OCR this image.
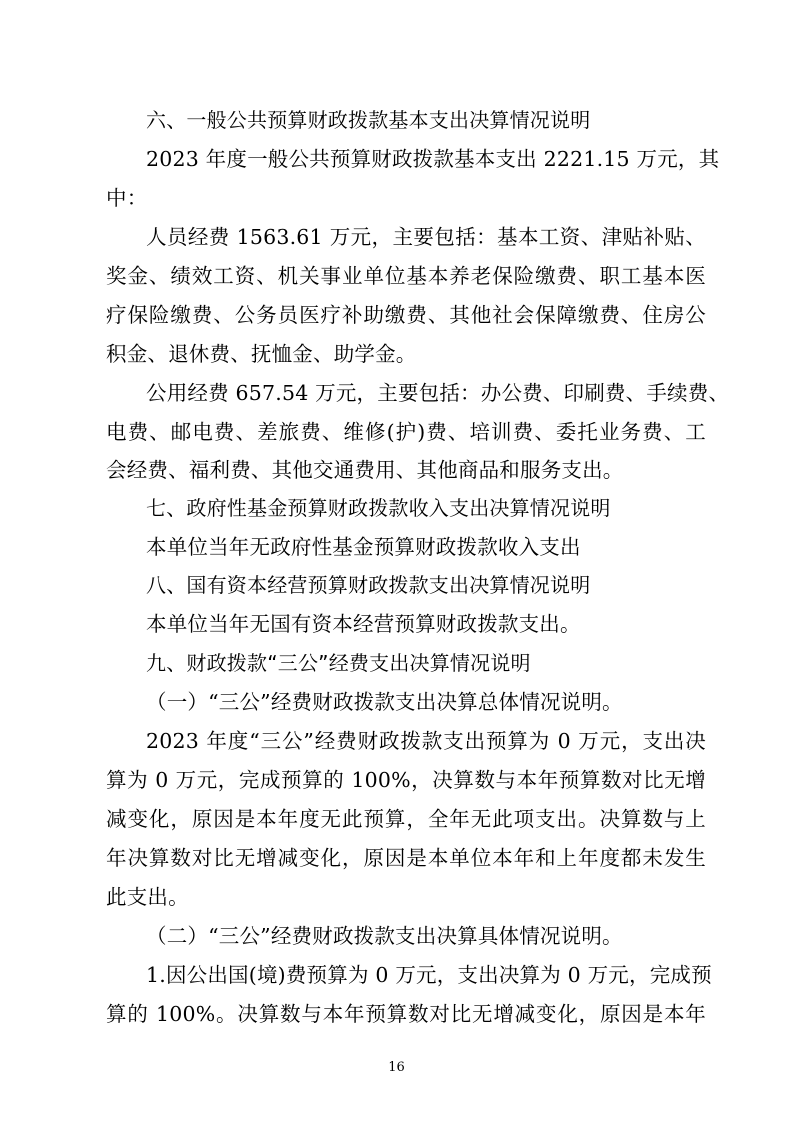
六、一般公共预算财政拨款基本支出决算情况说明
2023 年度一般公共预算财政拨款基本支出 2221.15 万元，其
中：
人员经费 1563.61 万元，主要包括：基本工资、津贴补贴、
奖金、绩效工资、机关事业单位基本养老保险缴费、职工基本医
疗保险缴费、公务员医疗补助缴费、其他社会保障缴费、住房公
积金、退休费、抚恤金、助学金。
公用经费 657.54 万元，主要包括：办公费、印刷费、手续费、
电费、邮电费、差旅费、维修(护)费、培训费、委托业务费、工
会经费、福利费、其他交通费用、其他商品和服务支出。
七、政府性基金预算财政拨款收入支出决算情况说明
本单位当年无政府性基金预算财政拨款收入支出
八、国有资本经营预算财政拨款支出决算情况说明
本单位当年无国有资本经营预算财政拨款支出。
九、财政拨款“三公”经费支出决算情况说明
（一）“三公”经费财政拨款支出决算总体情况说明。
2023 年度“三公”经费财政拨款支出预算为 0 万元，支出决
算为 0 万元，完成预算的 100%，决算数与本年预算数对比无增
减变化，原因是本年度无此预算，全年无此项支出。决算数与上
年决算数对比无增减变化，原因是本单位本年和上年度都未发生
此支出。
（二）“三公”经费财政拨款支出决算具体情况说明。
1.因公出国(境)费预算为 0 万元，支出决算为 0 万元，完成预
算的 100%。决算数与本年预算数对比无增减变化，原因是本年
16
